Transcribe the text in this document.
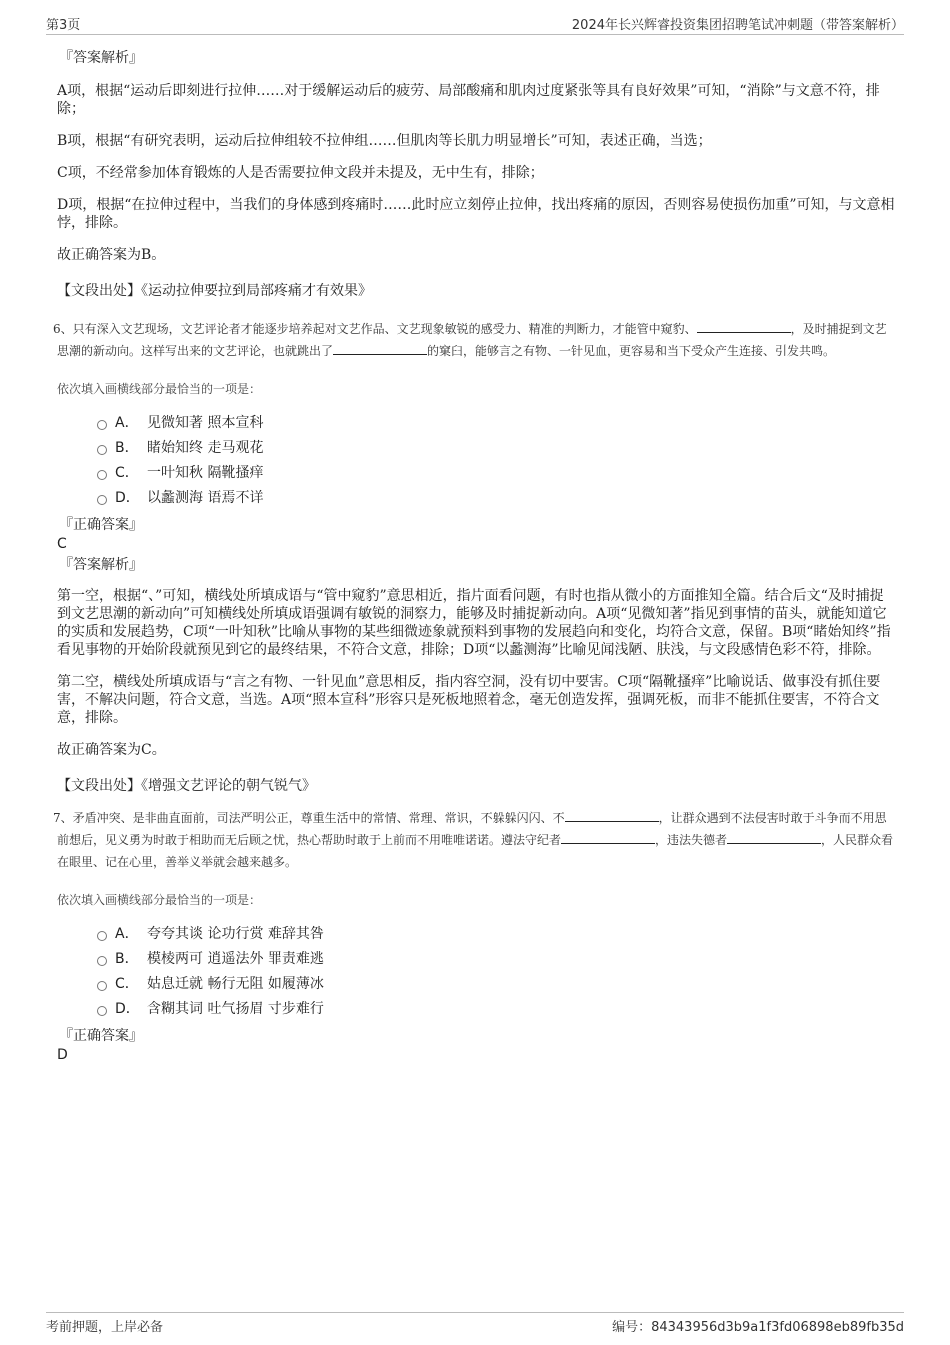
第3页	2024年长兴辉睿投资集团招聘笔试冲刺题（带答案解析）
『答案解析』

A项，根据“运动后即刻进行拉伸……对于缓解运动后的疲劳、局部酸痛和肌肉过度紧张等具有良好效果”可知，“消除”与文意不符，排除；

B项，根据“有研究表明，运动后拉伸组较不拉伸组……但肌肉等长肌力明显增长”可知，表述正确，当选；

C项，不经常参加体育锻炼的人是否需要拉伸文段并未提及，无中生有，排除；

D项，根据“在拉伸过程中，当我们的身体感到疼痛时……此时应立刻停止拉伸，找出疼痛的原因，否则容易使损伤加重”可知，与文意相悖，排除。

故正确答案为B。

【文段出处】《运动拉伸要拉到局部疼痛才有效果》

6、只有深入文艺现场，文艺评论者才能逐步培养起对文艺作品、文艺现象敏锐的感受力、精准的判断力，才能管中窥豹、	，及时捕捉到文艺思潮的新动向。这样写出来的文艺评论，也就跳出了	的窠臼，能够言之有物、一针见血，更容易和当下受众产生连接、引发共鸣。

依次填入画横线部分最恰当的一项是：

A． 见微知著 照本宣科
B． 睹始知终 走马观花
C． 一叶知秋 隔靴搔痒
D． 以蠡测海 语焉不详
『正确答案』

C

『答案解析』

第一空，根据“、”可知，横线处所填成语与“管中窥豹”意思相近，指片面看问题，有时也指从微小的方面推知全篇。结合后文“及时捕捉到文艺思潮的新动向”可知横线处所填成语强调有敏锐的洞察力，能够及时捕捉新动向。A项“见微知著”指见到事情的苗头，就能知道它的实质和发展趋势，C项“一叶知秋”比喻从事物的某些细微迹象就预料到事物的发展趋向和变化，均符合文意，保留。B项“睹始知终”指看见事物的开始阶段就预见到它的最终结果，不符合文意，排除；D项“以蠡测海”比喻见闻浅陋、肤浅，与文段感情色彩不符，排除。

第二空，横线处所填成语与“言之有物、一针见血”意思相反，指内容空洞，没有切中要害。C项“隔靴搔痒”比喻说话、做事没有抓住要害，不解决问题，符合文意，当选。A项“照本宣科”形容只是死板地照着念，毫无创造发挥，强调死板，而非不能抓住要害，不符合文意，排除。

故正确答案为C。

【文段出处】《增强文艺评论的朝气锐气》

7、矛盾冲突、是非曲直面前，司法严明公正，尊重生活中的常情、常理、常识，不躲躲闪闪、不	，让群众遇到不法侵害时敢于斗争而不用思前想后，见义勇为时敢于相助而无后顾之忧，热心帮助时敢于上前而不用唯唯诺诺。遵法守纪者	，违法失德者	，人民群众看在眼里、记在心里，善举义举就会越来越多。

依次填入画横线部分最恰当的一项是：

A． 夸夸其谈 论功行赏 难辞其咎
B． 模棱两可 逍遥法外 罪责难逃
C． 姑息迁就 畅行无阻 如履薄冰
D． 含糊其词 吐气扬眉 寸步难行
『正确答案』

D

考前押题，上岸必备	编号：84343956d3b9a1f3fd06898eb89fb35d
